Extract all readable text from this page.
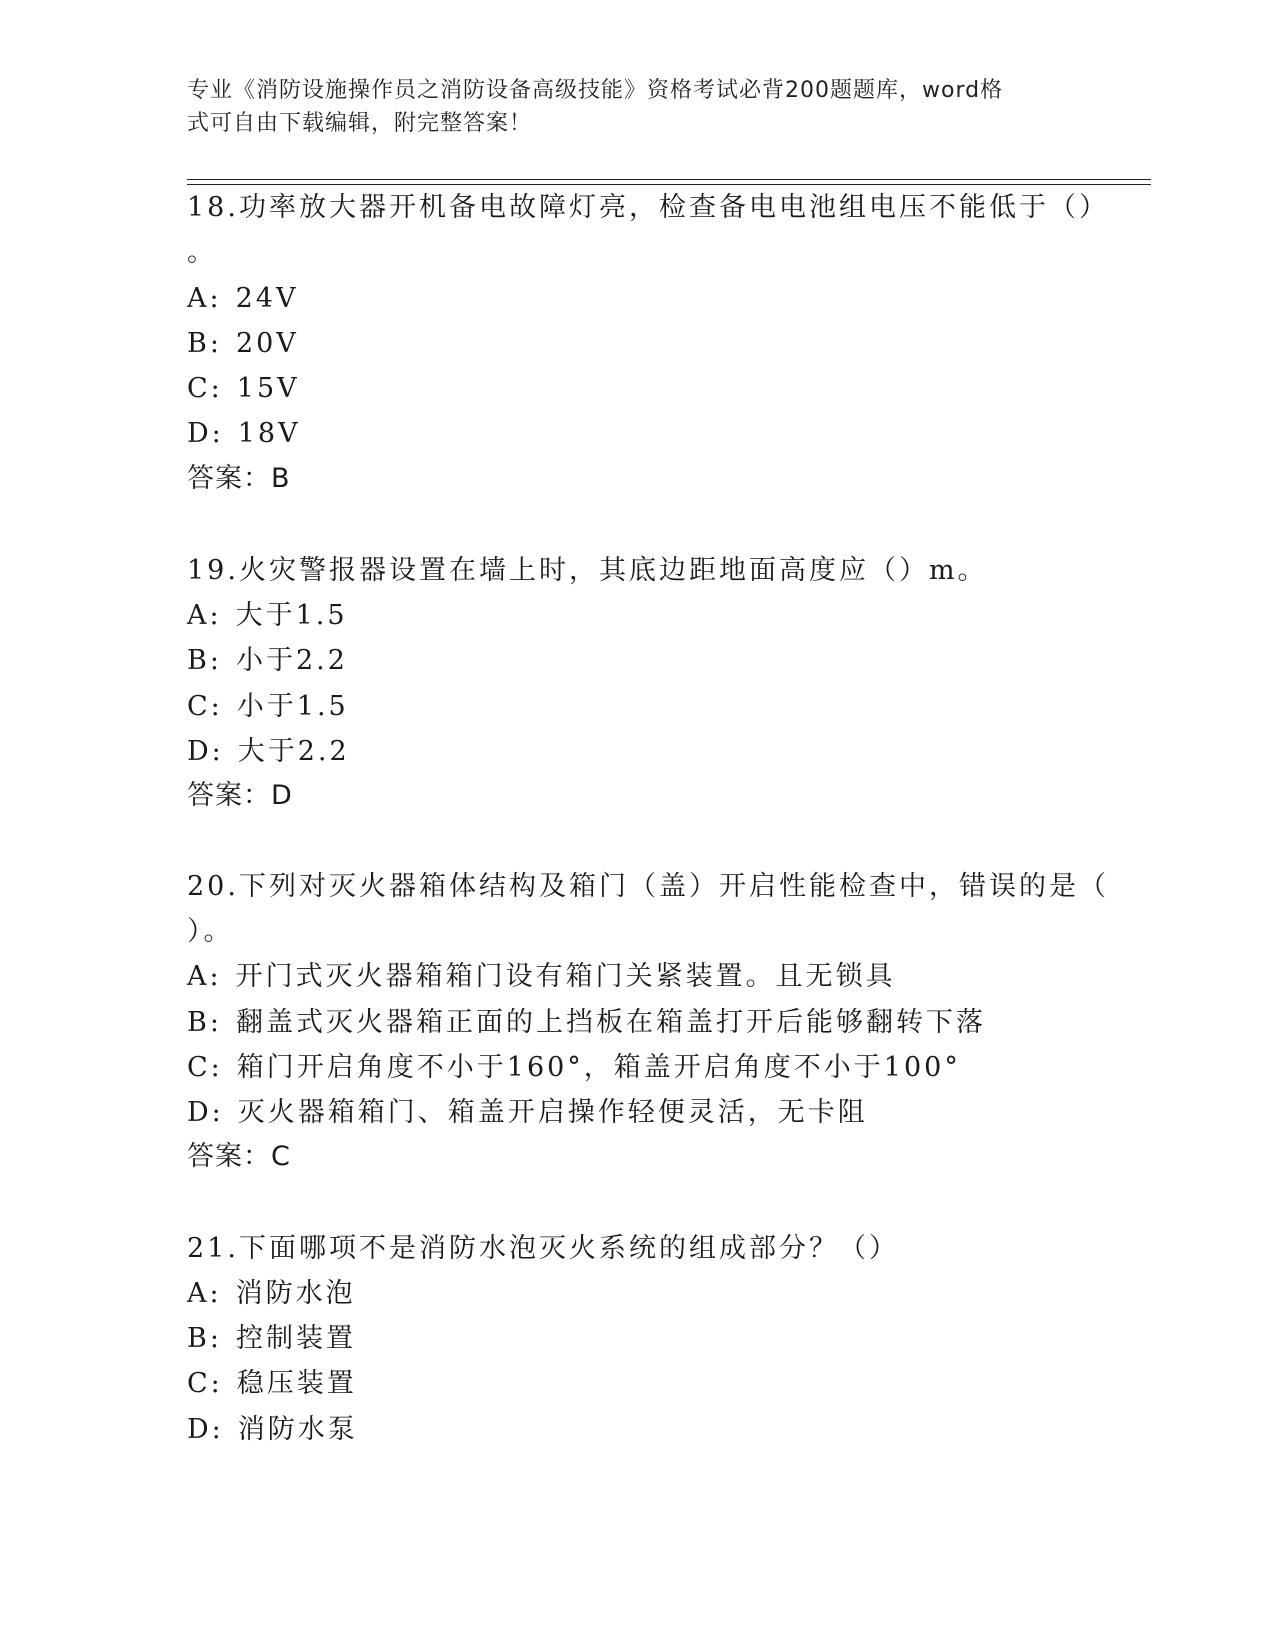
专业《消防设施操作员之消防设备高级技能》资格考试必背200题题库，word格
式可自由下载编辑，附完整答案！
18.功率放大器开机备电故障灯亮，检查备电电池组电压不能低于（）
。
A: 24V
B: 20V
C: 15V
D: 18V
答案：B
19.火灾警报器设置在墙上时，其底边距地面高度应（）m。
A: 大于1.5
B: 小于2.2
C: 小于1.5
D: 大于2.2
答案：D
20.下列对灭火器箱体结构及箱门（盖）开启性能检查中，错误的是（
）。
A: 开门式灭火器箱箱门设有箱门关紧装置。且无锁具
B: 翻盖式灭火器箱正面的上挡板在箱盖打开后能够翻转下落
C: 箱门开启角度不小于160°，箱盖开启角度不小于100°
D: 灭火器箱箱门、箱盖开启操作轻便灵活，无卡阻
答案：C
21.下面哪项不是消防水泡灭火系统的组成部分？（）
A: 消防水泡
B: 控制装置
C: 稳压装置
D: 消防水泵
